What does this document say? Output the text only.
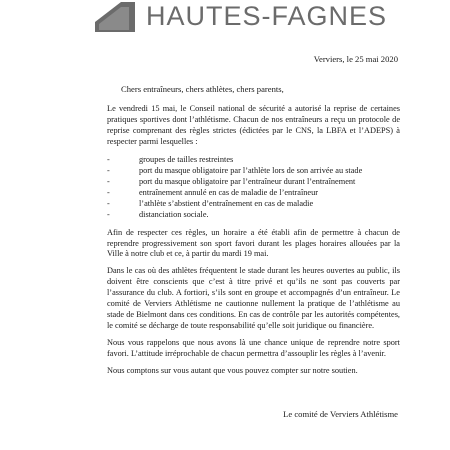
HAUTES-FAGNES
Verviers, le 25 mai 2020
Chers entraîneurs, chers athlètes, chers parents,

Le vendredi 15 mai, le Conseil national de sécurité a autorisé la reprise de certaines pratiques sportives dont l’athlétisme. Chacun de nos entraîneurs a reçu un protocole de reprise comprenant des règles strictes (édictées par le CNS, la LBFA et l’ADEPS) à respecter parmi lesquelles :

- groupes de tailles restreintes
- port du masque obligatoire par l’athlète lors de son arrivée au stade
- port du masque obligatoire par l’entraîneur durant l’entraînement
- entraînement annulé en cas de maladie de l’entraîneur
- l’athlète s’abstient d’entraînement en cas de maladie
- distanciation sociale.

Afin de respecter ces règles, un horaire a été établi afin de permettre à chacun de reprendre progressivement son sport favori durant les plages horaires allouées par la Ville à notre club et ce, à partir du mardi 19 mai.

Dans le cas où des athlètes fréquentent le stade durant les heures ouvertes au public, ils doivent être conscients que c’est à titre privé et qu’ils ne sont pas couverts par l’assurance du club. A fortiori, s’ils sont en groupe et accompagnés d’un entraîneur. Le comité de Verviers Athlétisme ne cautionne nullement la pratique de l’athlétisme au stade de Bielmont dans ces conditions. En cas de contrôle par les autorités compétentes, le comité se décharge de toute responsabilité qu’elle soit juridique ou financière.

Nous vous rappelons que nous avons là une chance unique de reprendre notre sport favori. L’attitude irréprochable de chacun permettra d’assouplir les règles à l’avenir.

Nous comptons sur vous autant que vous pouvez compter sur notre soutien.

Le comité de Verviers Athlétisme
